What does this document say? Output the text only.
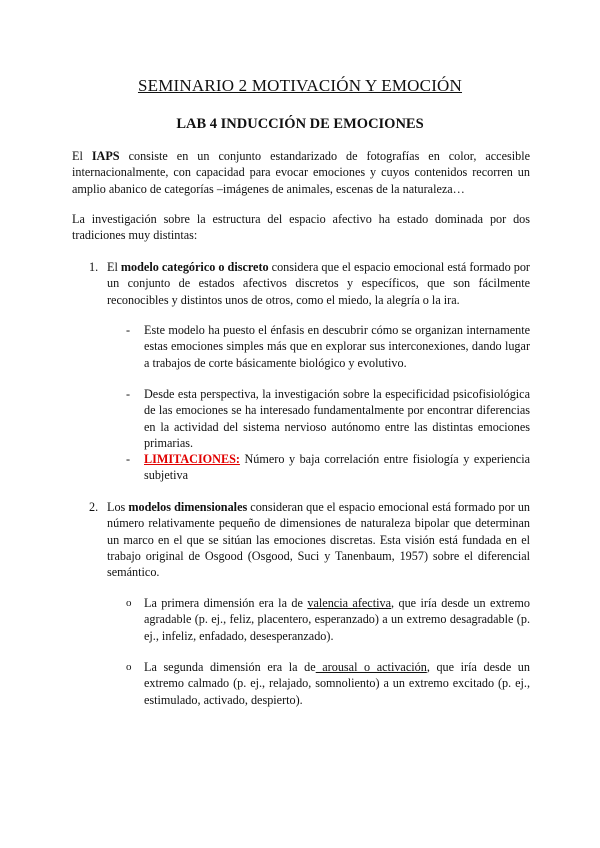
SEMINARIO 2 MOTIVACIÓN Y EMOCIÓN
LAB 4 INDUCCIÓN DE EMOCIONES
El IAPS consiste en un conjunto estandarizado de fotografías en color, accesible internacionalmente, con capacidad para evocar emociones y cuyos contenidos recorren un amplio abanico de categorías –imágenes de animales, escenas de la naturaleza…
La investigación sobre la estructura del espacio afectivo ha estado dominada por dos tradiciones muy distintas:
1. El modelo categórico o discreto considera que el espacio emocional está formado por un conjunto de estados afectivos discretos y específicos, que son fácilmente reconocibles y distintos unos de otros, como el miedo, la alegría o la ira.
- Este modelo ha puesto el énfasis en descubrir cómo se organizan internamente estas emociones simples más que en explorar sus interconexiones, dando lugar a trabajos de corte básicamente biológico y evolutivo.
- Desde esta perspectiva, la investigación sobre la especificidad psicofisiológica de las emociones se ha interesado fundamentalmente por encontrar diferencias en la actividad del sistema nervioso autónomo entre las distintas emociones primarias.
- LIMITACIONES: Número y baja correlación entre fisiología y experiencia subjetiva
2. Los modelos dimensionales consideran que el espacio emocional está formado por un número relativamente pequeño de dimensiones de naturaleza bipolar que determinan un marco en el que se sitúan las emociones discretas. Esta visión está fundada en el trabajo original de Osgood (Osgood, Suci y Tanenbaum, 1957) sobre el diferencial semántico.
o La primera dimensión era la de valencia afectiva, que iría desde un extremo agradable (p. ej., feliz, placentero, esperanzado) a un extremo desagradable (p. ej., infeliz, enfadado, desesperanzado).
o La segunda dimensión era la de arousal o activación, que iría desde un extremo calmado (p. ej., relajado, somnoliento) a un extremo excitado (p. ej., estimulado, activado, despierto).
